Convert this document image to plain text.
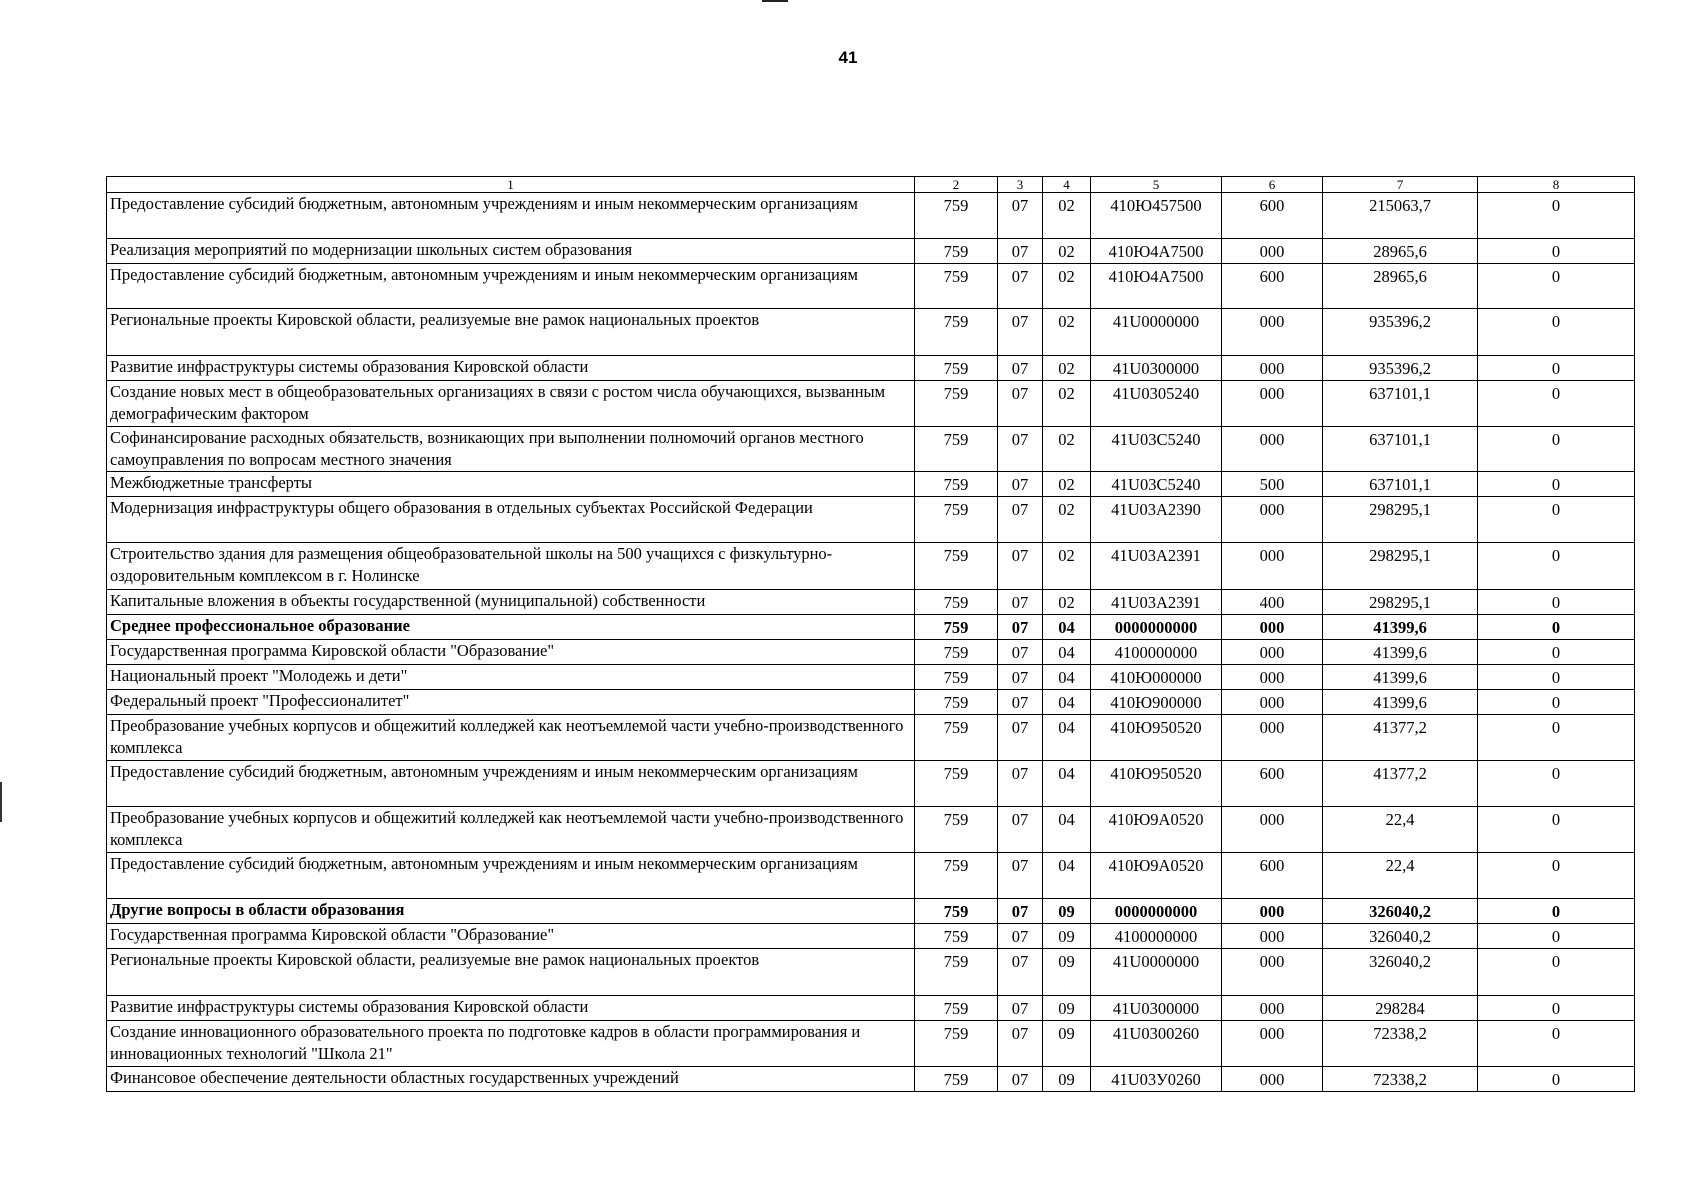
41
1	2	3	4	5	6	7	8

Предоставление субсидий бюджетным, автономным учреждениям и иным некоммерческим организациям	759	07	02	410Ю457500	600	215063,7	0

Реализация мероприятий по модернизации школьных систем образования	759	07	02	410Ю4А7500	000	28965,6	0

Предоставление субсидий бюджетным, автономным учреждениям и иным некоммерческим организациям	759	07	02	410Ю4А7500	600	28965,6	0

Региональные проекты Кировской области, реализуемые вне рамок национальных проектов	759	07	02	41U0000000	000	935396,2	0

Развитие инфраструктуры системы образования Кировской области	759	07	02	41U0300000	000	935396,2	0

Создание новых мест в общеобразовательных организациях в связи с ростом числа обучающихся, вызванным демографическим фактором	759	07	02	41U0305240	000	637101,1	0

Софинансирование расходных обязательств, возникающих при выполнении полномочий органов местного самоуправления по вопросам местного значения	759	07	02	41U03C5240	000	637101,1	0

Межбюджетные трансферты	759	07	02	41U03C5240	500	637101,1	0

Модернизация инфраструктуры общего образования в отдельных субъектах Российской Федерации	759	07	02	41U03A2390	000	298295,1	0

Строительство здания для размещения общеобразовательной школы на 500 учащихся с физкультурно-оздоровительным комплексом в г. Нолинске	759	07	02	41U03A2391	000	298295,1	0

Капитальные вложения в объекты государственной (муниципальной) собственности	759	07	02	41U03A2391	400	298295,1	0

Среднее профессиональное образование	759	07	04	0000000000	000	41399,6	0

Государственная программа Кировской области "Образование"	759	07	04	4100000000	000	41399,6	0

Национальный проект "Молодежь и дети"	759	07	04	410Ю000000	000	41399,6	0

Федеральный проект "Профессионалитет"	759	07	04	410Ю900000	000	41399,6	0

Преобразование учебных корпусов и общежитий колледжей как неотъемлемой части учебно-производственного комплекса	759	07	04	410Ю950520	000	41377,2	0

Предоставление субсидий бюджетным, автономным учреждениям и иным некоммерческим организациям	759	07	04	410Ю950520	600	41377,2	0

Преобразование учебных корпусов и общежитий колледжей как неотъемлемой части учебно-производственного комплекса	759	07	04	410Ю9А0520	000	22,4	0

Предоставление субсидий бюджетным, автономным учреждениям и иным некоммерческим организациям	759	07	04	410Ю9А0520	600	22,4	0

Другие вопросы в области образования	759	07	09	0000000000	000	326040,2	0

Государственная программа Кировской области "Образование"	759	07	09	4100000000	000	326040,2	0

Региональные проекты Кировской области, реализуемые вне рамок национальных проектов	759	07	09	41U0000000	000	326040,2	0

Развитие инфраструктуры системы образования Кировской области	759	07	09	41U0300000	000	298284	0

Создание инновационного образовательного проекта по подготовке кадров в области программирования и инновационных технологий "Школа 21"	759	07	09	41U0300260	000	72338,2	0

Финансовое обеспечение деятельности областных государственных учреждений	759	07	09	41U03У0260	000	72338,2	0
